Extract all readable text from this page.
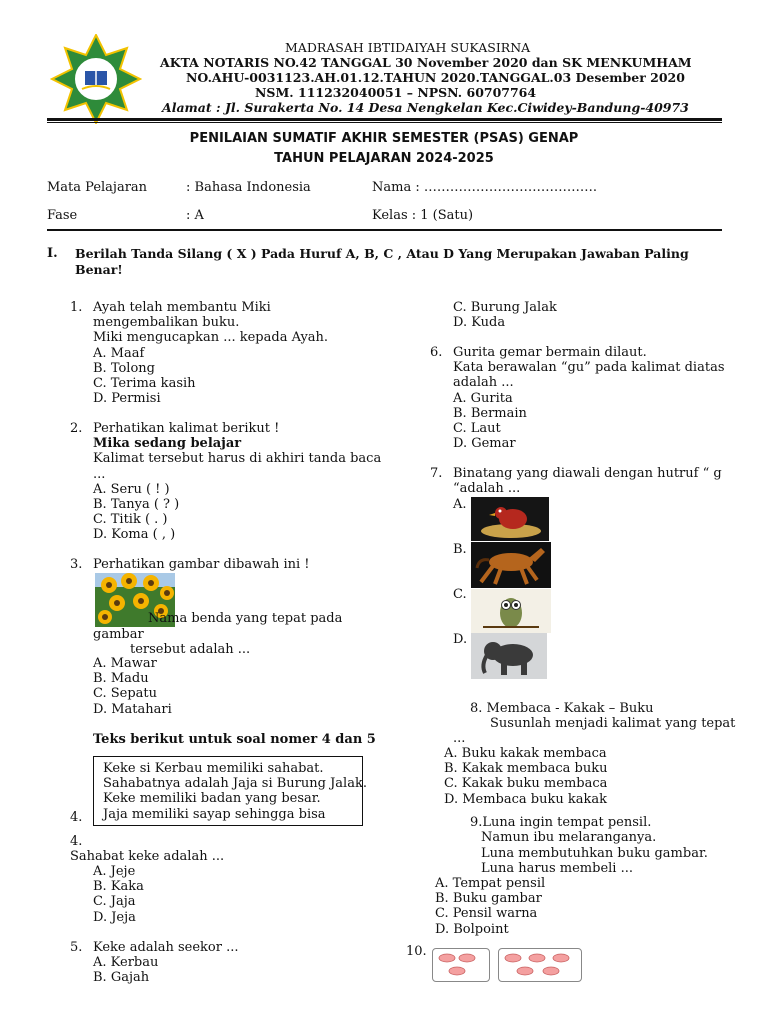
MADRASAH IBTIDAIYAH SUKASIRNA
AKTA NOTARIS NO.42 TANGGAL 30 November 2020 dan SK MENKUMHAM
NO.AHU-0031123.AH.01.12.TAHUN 2020.TANGGAL.03 Desember 2020
NSM. 111232040051 – NPSN. 60707764
Alamat : Jl. Surakerta No. 14 Desa Nengkelan Kec.Ciwidey-Bandung-40973
PENILAIAN SUMATIF AKHIR SEMESTER (PSAS) GENAP
TAHUN PELAJARAN 2024-2025
Mata Pelajaran	: Bahasa Indonesia	Nama : ………………………………….
Fase	: A	Kelas : 1 (Satu)
I. Berilah Tanda Silang ( X ) Pada Huruf A, B, C , Atau D Yang Merupakan Jawaban Paling
Benar!
1. Ayah telah membantu Miki
mengembalikan buku.
Miki mengucapkan ... kepada Ayah.
A. Maaf
B. Tolong
C. Terima kasih
D. Permisi
2. Perhatikan kalimat berikut !
Mika sedang belajar
Kalimat tersebut harus di akhiri tanda baca
...
A. Seru ( ! )
B. Tanya ( ? )
C. Titik ( . )
D. Koma ( , )
3. Perhatikan gambar dibawah ini !
Nama benda yang tepat pada
gambar
tersebut adalah ...
A. Mawar
B. Madu
C. Sepatu
D. Matahari
Teks berikut untuk soal nomer 4 dan 5
Keke si Kerbau memiliki sahabat.
Sahabatnya adalah Jaja si Burung Jalak.
Keke memiliki badan yang besar.
Jaja memiliki sayap sehingga bisa
4.
4.
Sahabat keke adalah ...
A. Jeje
B. Kaka
C. Jaja
D. Jeja
5. Keke adalah seekor ...
A. Kerbau
B. Gajah
C. Burung Jalak
D. Kuda
6. Gurita gemar bermain dilaut.
Kata berawalan “gu” pada kalimat diatas
adalah ...
A. Gurita
B. Bermain
C. Laut
D. Gemar
7. Binatang yang diawali dengan hutruf “ g
“adalah ...
A.
B.
C.
D.
8. Membaca - Kakak – Buku
Susunlah menjadi kalimat yang tepat
...
A. Buku kakak membaca
B. Kakak membaca buku
C. Kakak buku membaca
D. Membaca buku kakak
9.Luna ingin tempat pensil.
Namun ibu melaranganya.
Luna membutuhkan buku gambar.
Luna harus membeli ...
A. Tempat pensil
B. Buku gambar
C. Pensil warna
D. Bolpoint
10.
